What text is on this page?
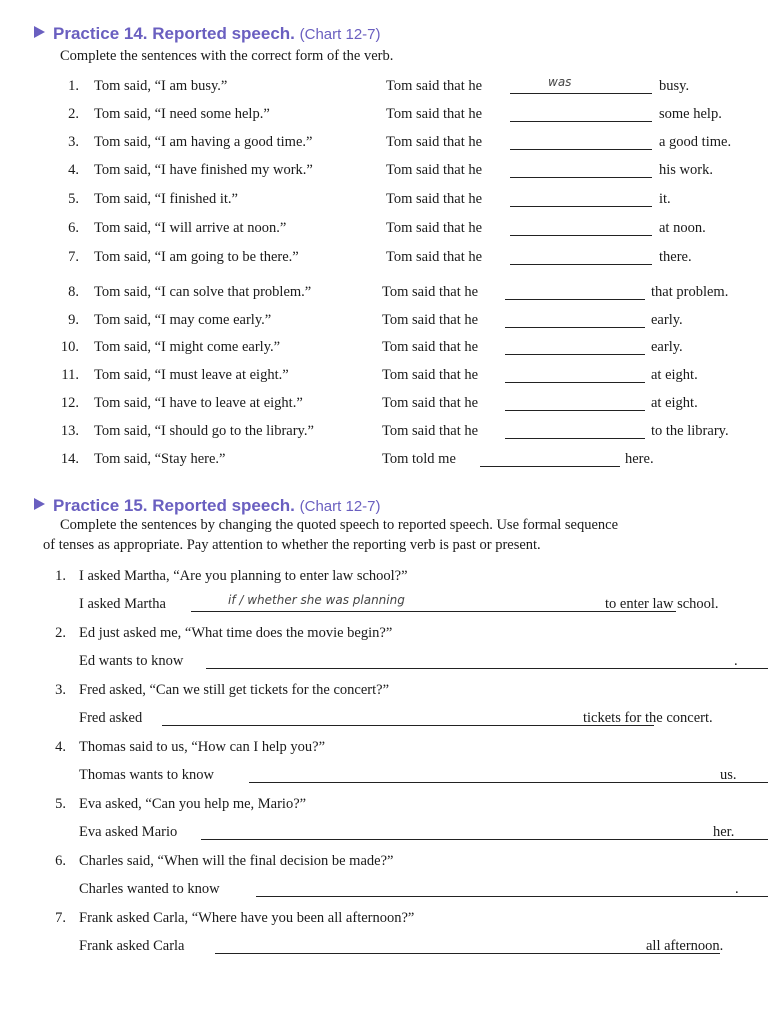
Practice 14. Reported speech. (Chart 12-7)
Complete the sentences with the correct form of the verb.
1. Tom said, “I am busy.”	Tom said that he	was	busy.
2. Tom said, “I need some help.”	Tom said that he	some help.
3. Tom said, “I am having a good time.”	Tom said that he	a good time.
4. Tom said, “I have finished my work.”	Tom said that he	his work.
5. Tom said, “I finished it.”	Tom said that he	it.
6. Tom said, “I will arrive at noon.”	Tom said that he	at noon.
7. Tom said, “I am going to be there.”	Tom said that he	there.
8. Tom said, “I can solve that problem.”	Tom said that he	that problem.
9. Tom said, “I may come early.”	Tom said that he	early.
10. Tom said, “I might come early.”	Tom said that he	early.
11. Tom said, “I must leave at eight.”	Tom said that he	at eight.
12. Tom said, “I have to leave at eight.”	Tom said that he	at eight.
13. Tom said, “I should go to the library.”	Tom said that he	to the library.
14. Tom said, “Stay here.”	Tom told me	here.
Practice 15. Reported speech. (Chart 12-7)
Complete the sentences by changing the quoted speech to reported speech. Use formal sequence
of tenses as appropriate. Pay attention to whether the reporting verb is past or present.
1. I asked Martha, “Are you planning to enter law school?”
I asked Martha	if / whether she was planning	to enter law school.
2. Ed just asked me, “What time does the movie begin?”
Ed wants to know	.
3. Fred asked, “Can we still get tickets for the concert?”
Fred asked	tickets for the concert.
4. Thomas said to us, “How can I help you?”
Thomas wants to know	us.
5. Eva asked, “Can you help me, Mario?”
Eva asked Mario	her.
6. Charles said, “When will the final decision be made?”
Charles wanted to know	.
7. Frank asked Carla, “Where have you been all afternoon?”
Frank asked Carla	all afternoon.
